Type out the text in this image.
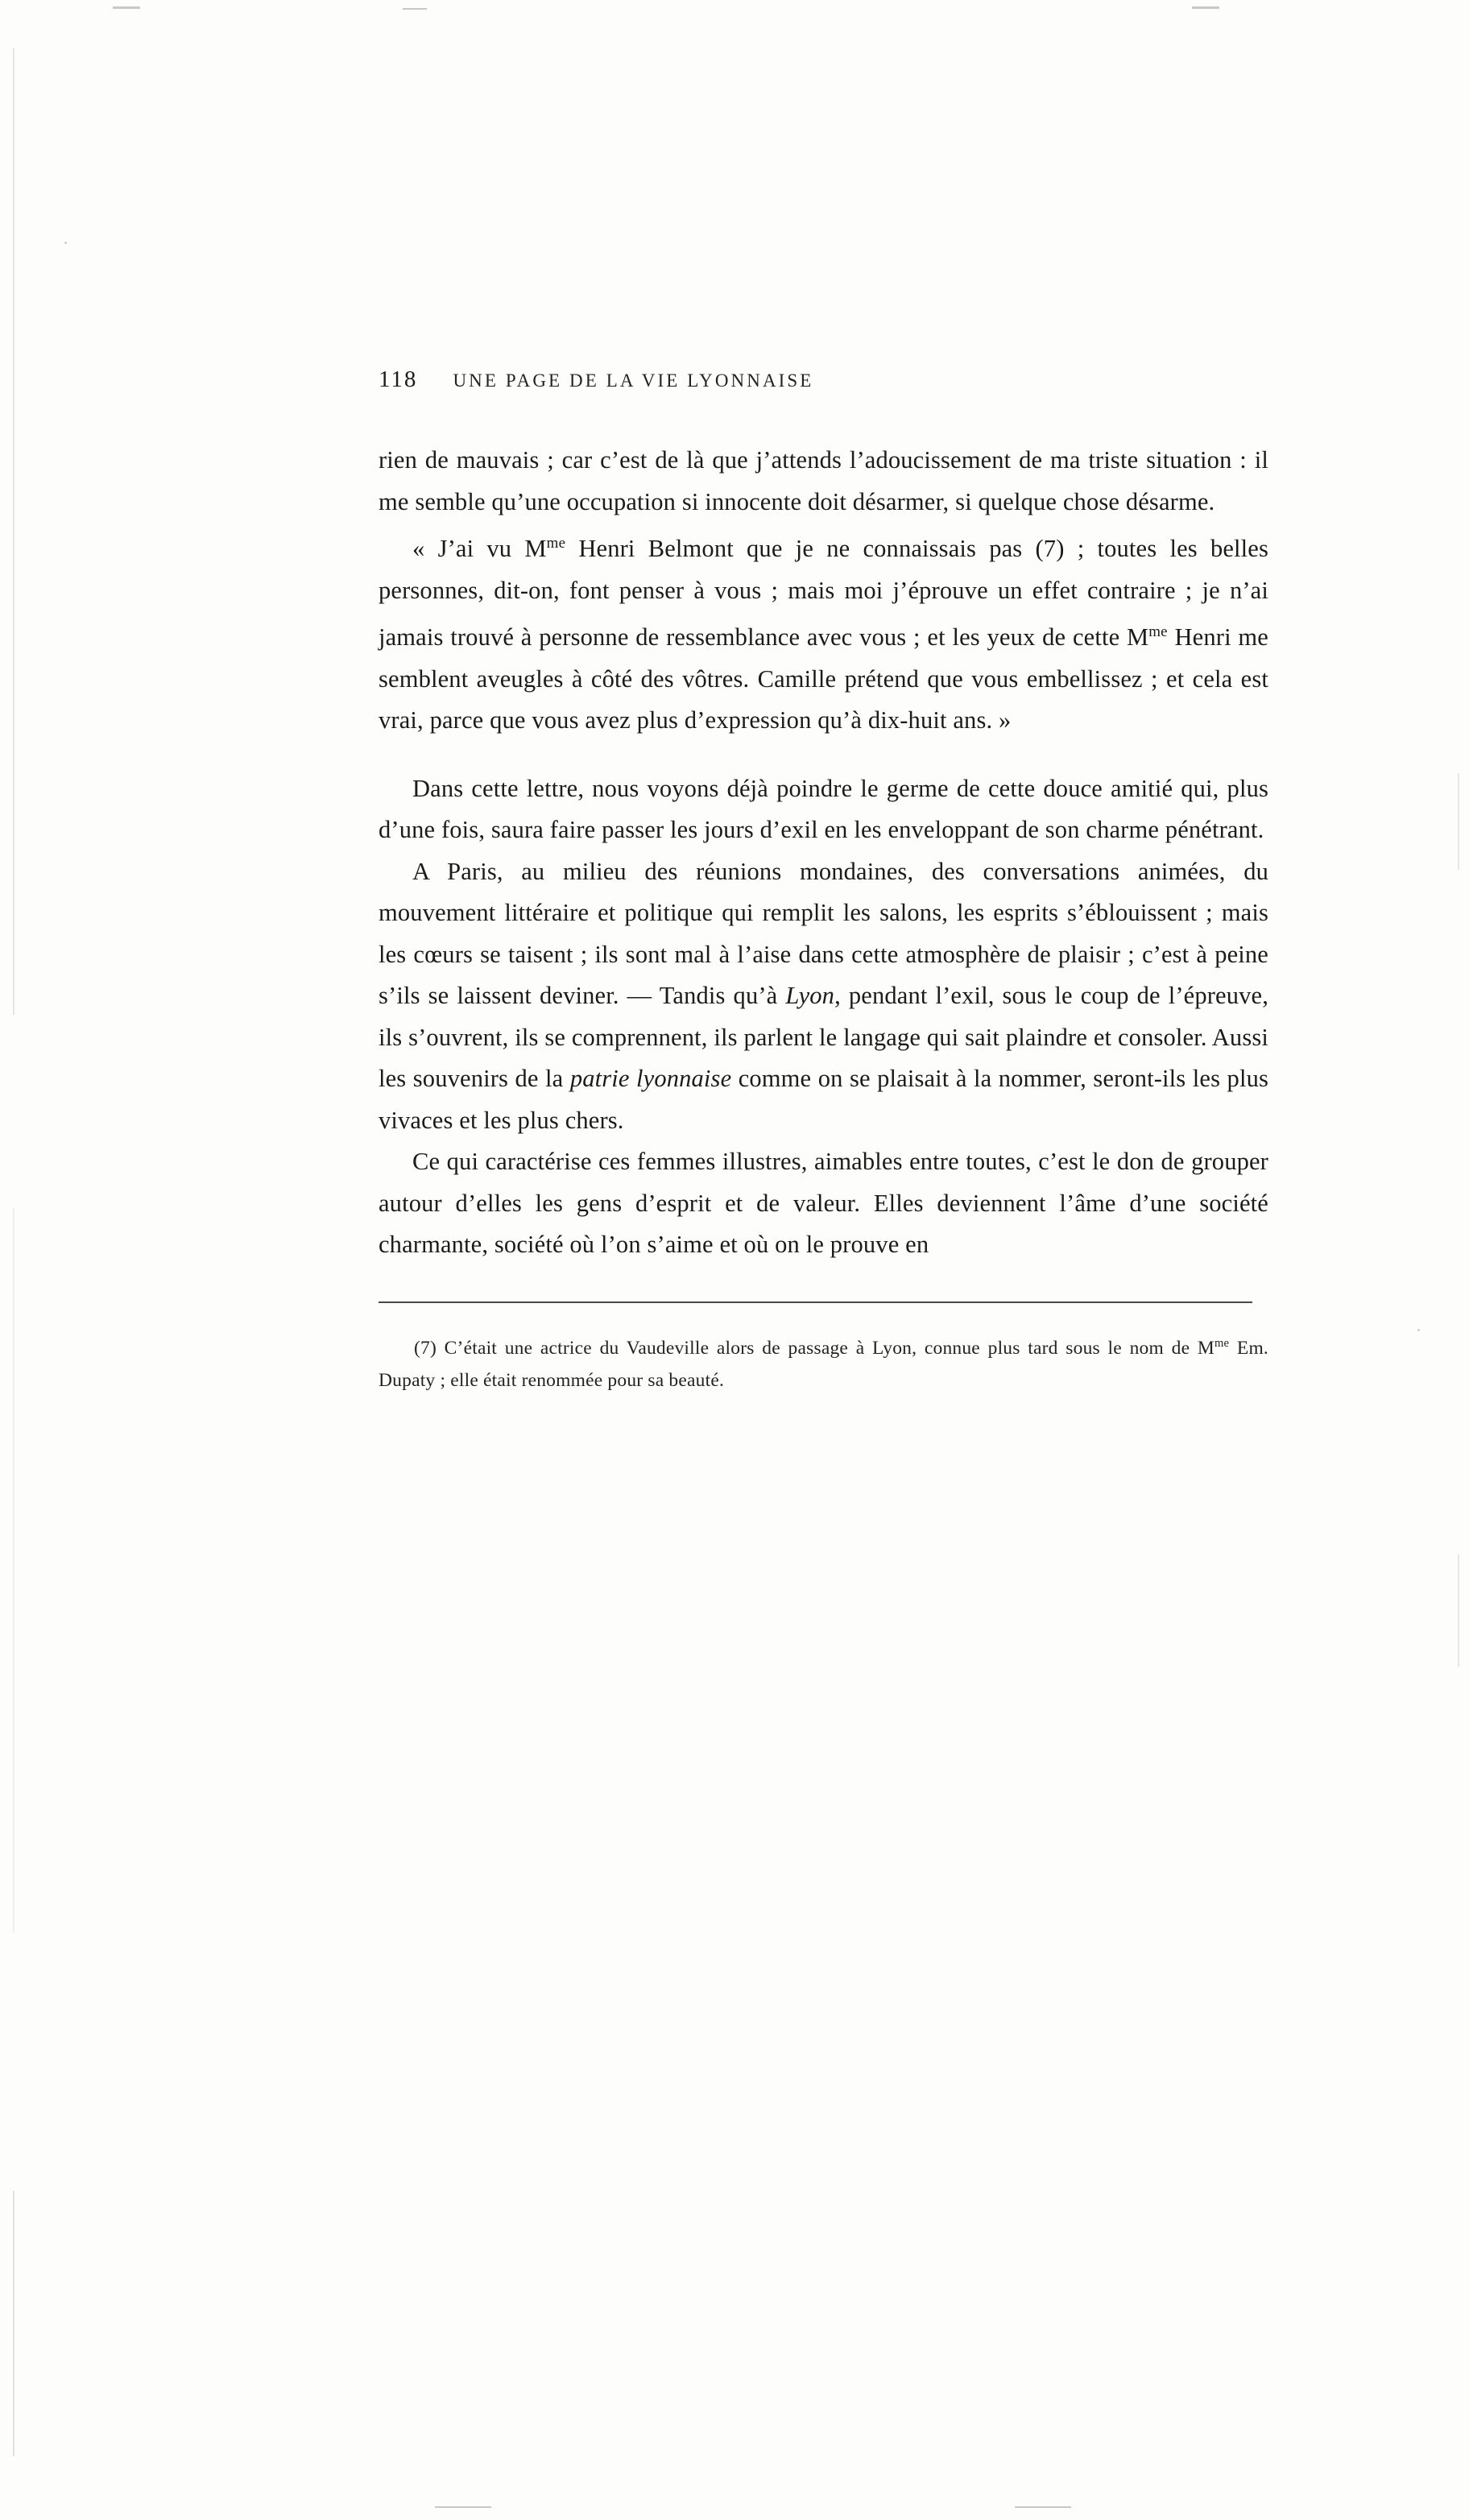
118 UNE PAGE DE LA VIE LYONNAISE

rien de mauvais ; car c’est de là que j’attends l’adoucissement de ma triste situation : il me semble qu’une occupation si innocente doit désarmer, si quelque chose désarme.

« J’ai vu $M^{me}$ Henri Belmont que je ne connaissais pas (7) ; toutes les belles personnes, dit-on, font penser à vous ; mais moi j’éprouve un effet contraire ; je n’ai jamais trouvé à personne de ressemblance avec vous ; et les yeux de cette $M^{me}$ Henri me semblent aveugles à côté des vôtres. Camille prétend que vous embellissez ; et cela est vrai, parce que vous avez plus d’expression qu’à dix-huit ans. »

Dans cette lettre, nous voyons déjà poindre le germe de cette douce amitié qui, plus d’une fois, saura faire passer les jours d’exil en les enveloppant de son charme pénétrant.

A Paris, au milieu des réunions mondaines, des conversations animées, du mouvement littéraire et politique qui remplit les salons, les esprits s’éblouissent ; mais les cœurs se taisent ; ils sont mal à l’aise dans cette atmosphère de plaisir ; c’est à peine s’ils se laissent deviner. — Tandis qu’à Lyon, pendant l’exil, sous le coup de l’épreuve, ils s’ouvrent, ils se comprennent, ils parlent le langage qui sait plaindre et consoler. Aussi les souvenirs de la patrie lyonnaise comme on se plaisait à la nommer, seront-ils les plus vivaces et les plus chers.

Ce qui caractérise ces femmes illustres, aimables entre toutes, c’est le don de grouper autour d’elles les gens d’esprit et de valeur. Elles deviennent l’âme d’une société charmante, société où l’on s’aime et où on le prouve en

(7) C’était une actrice du Vaudeville alors de passage à Lyon, connue plus tard sous le nom de $M^{me}$ Em. Dupaty ; elle était renommée pour sa beauté.
